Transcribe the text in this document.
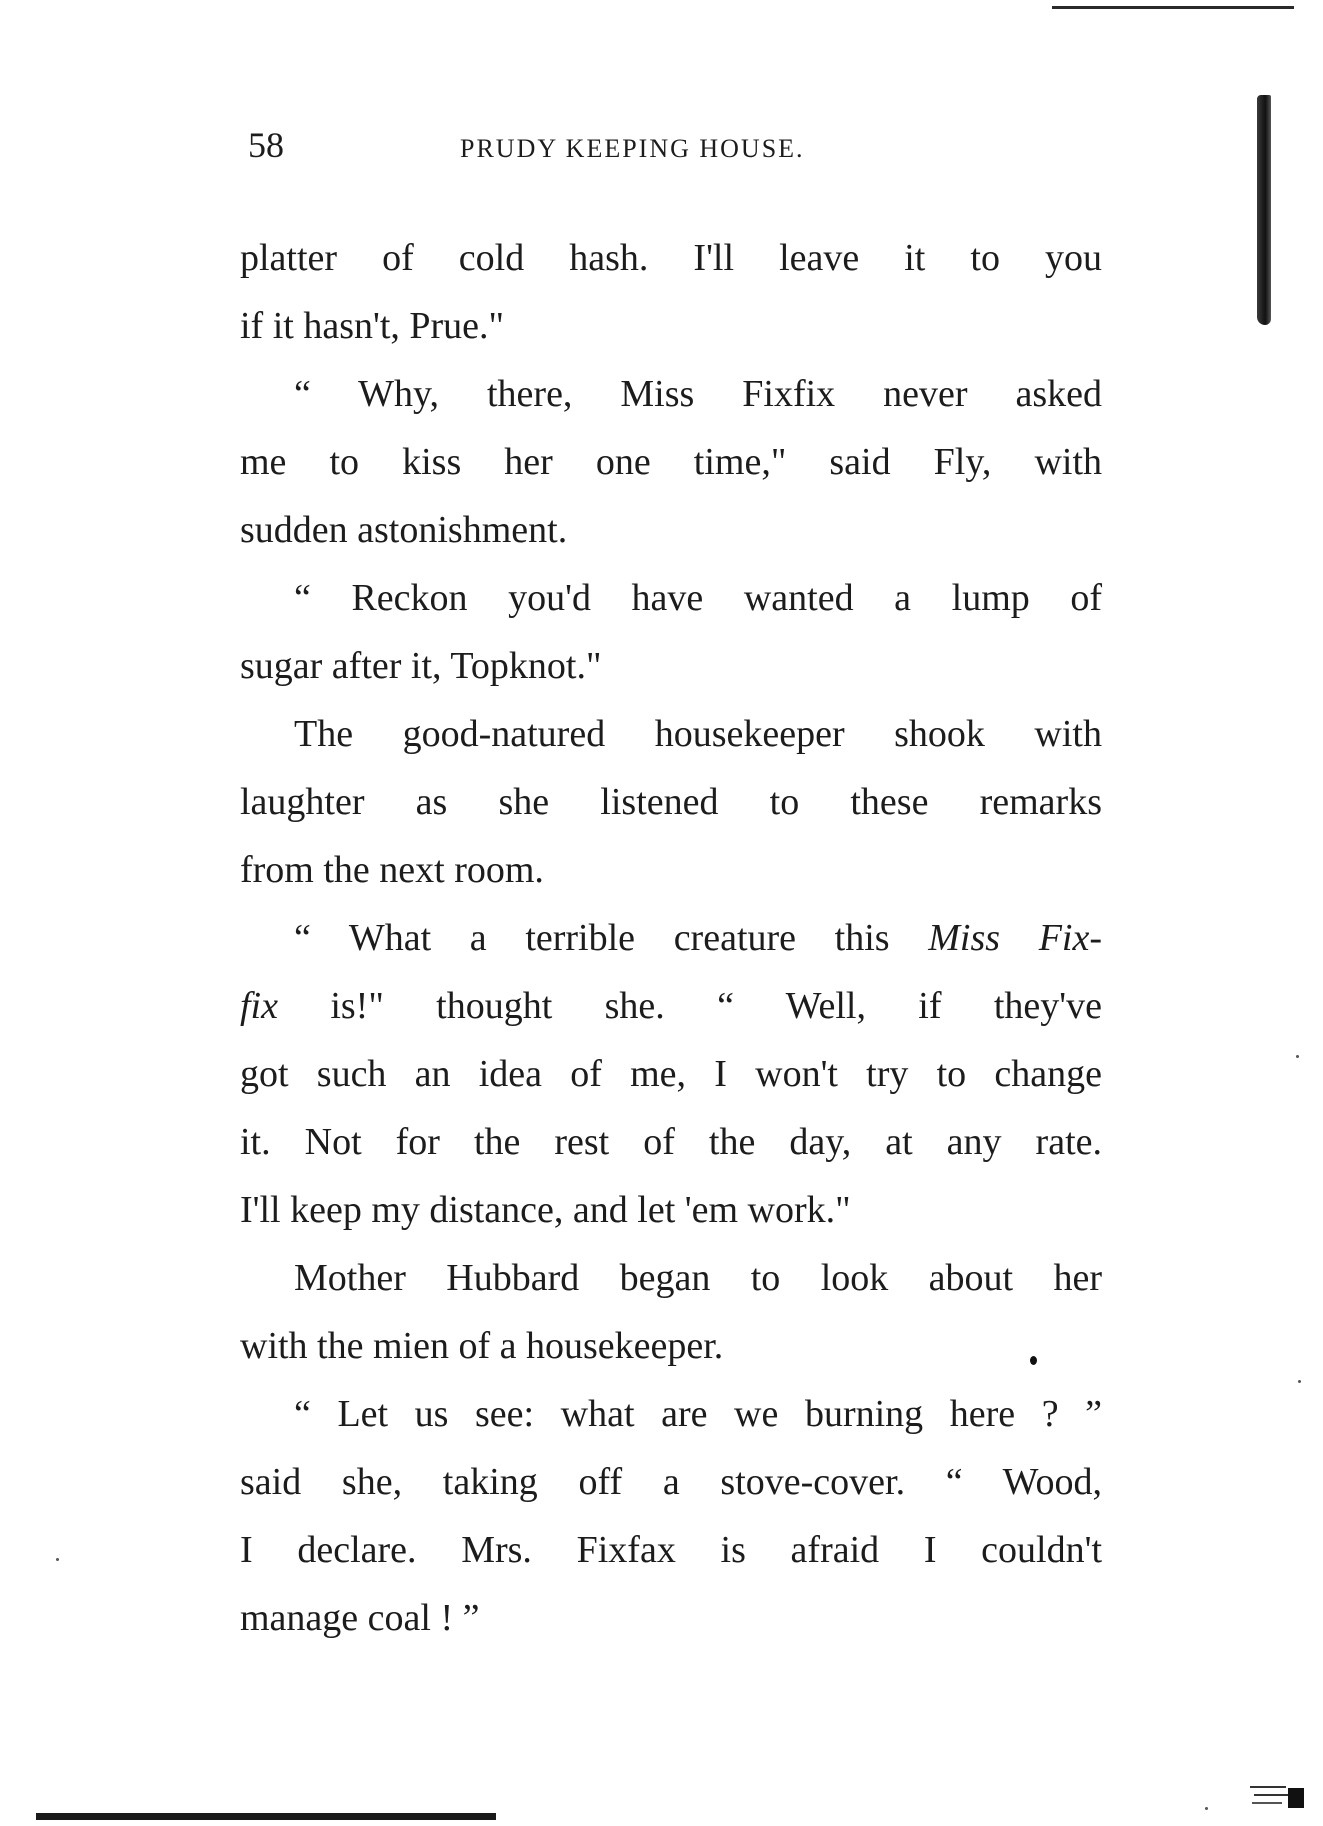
58	PRUDY KEEPING HOUSE.
platter of cold hash. I'll leave it to you
if it hasn't, Prue."
“ Why, there, Miss Fixfix never asked
me to kiss her one time," said Fly, with
sudden astonishment.
“ Reckon you'd have wanted a lump of
sugar after it, Topknot."
The good-natured housekeeper shook with
laughter as she listened to these remarks
from the next room.
“ What a terrible creature this Miss Fix-
fix is!" thought she. “ Well, if they've
got such an idea of me, I won't try to change
it. Not for the rest of the day, at any rate.
I'll keep my distance, and let 'em work."
Mother Hubbard began to look about her
with the mien of a housekeeper.
“ Let us see: what are we burning here ? ”
said she, taking off a stove-cover. “ Wood,
I declare. Mrs. Fixfax is afraid I couldn't
manage coal ! ”
